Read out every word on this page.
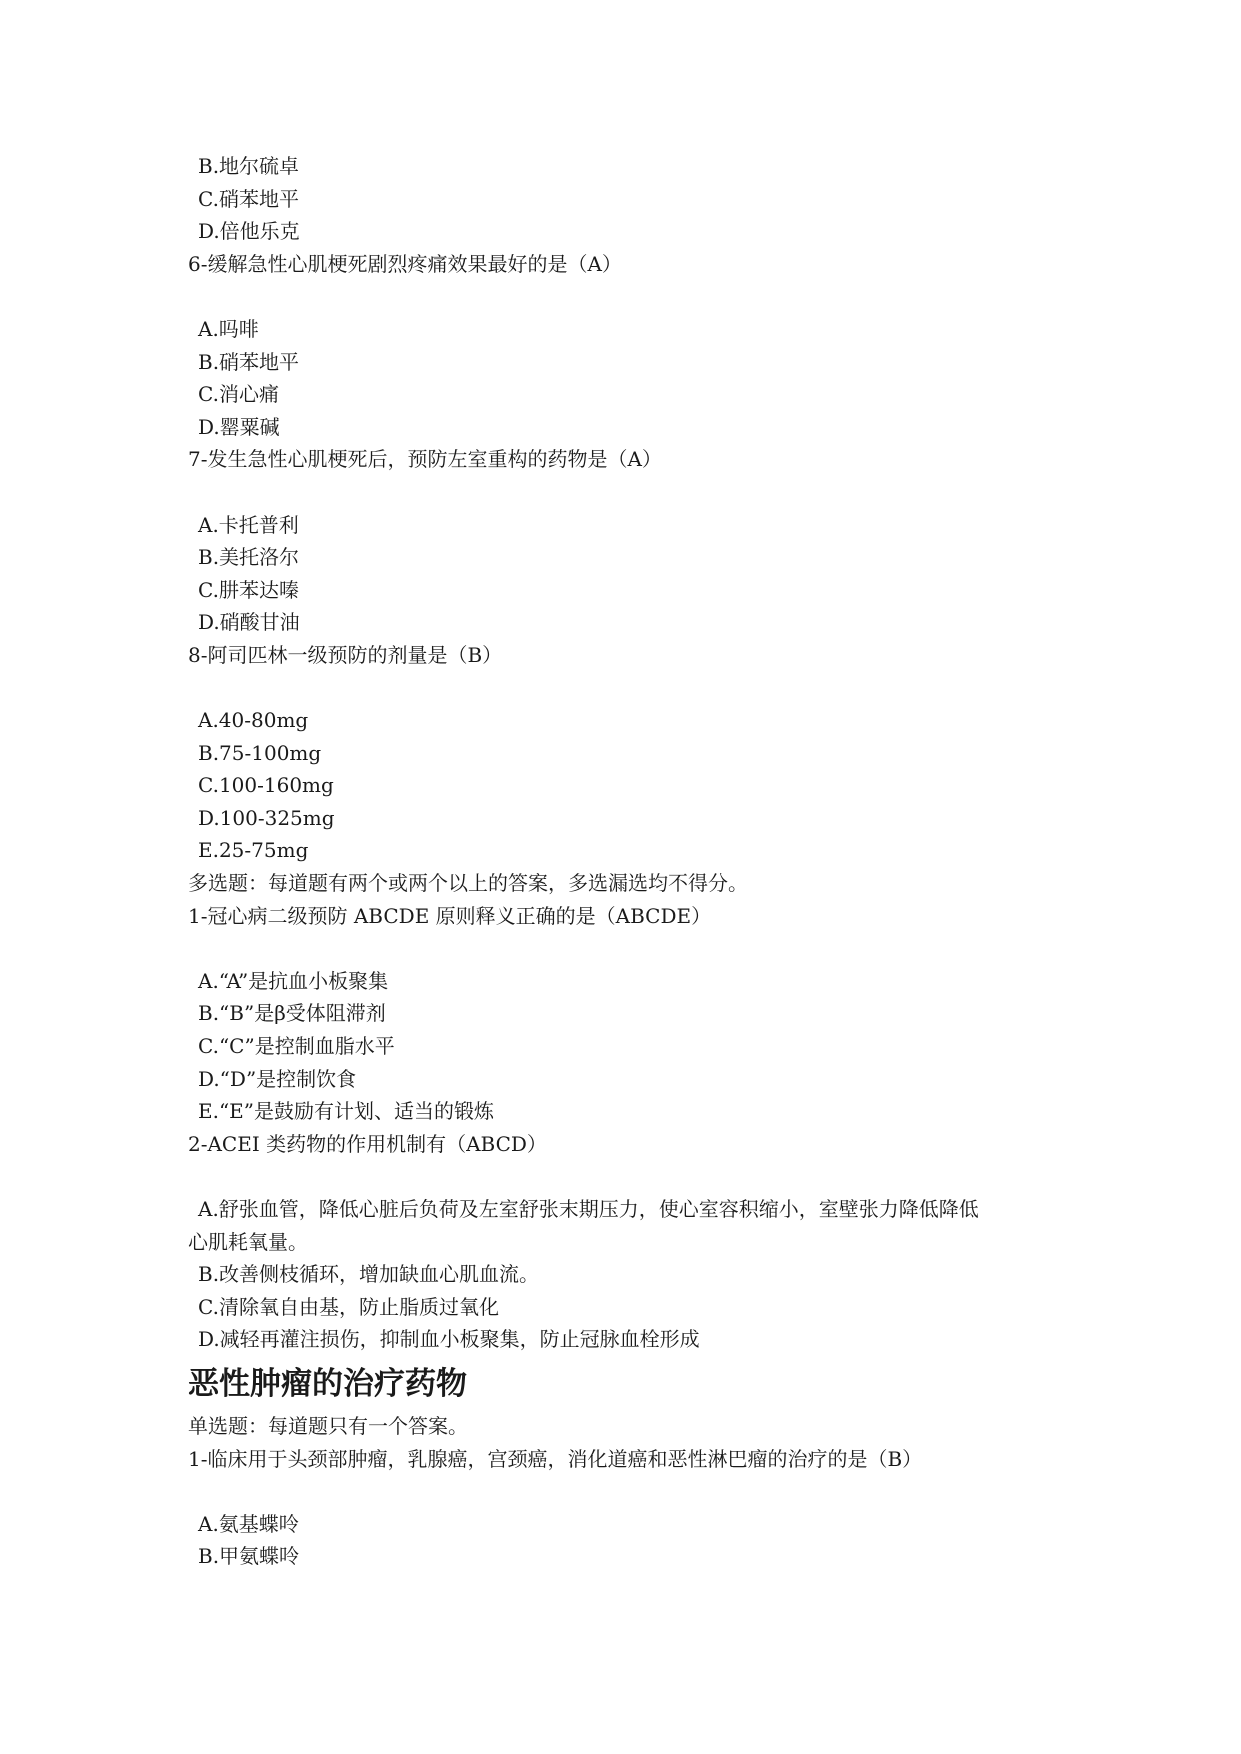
B.地尔硫卓
C.硝苯地平
D.倍他乐克
6-缓解急性心肌梗死剧烈疼痛效果最好的是（A）
A.吗啡
B.硝苯地平
C.消心痛
D.罂粟碱
7-发生急性心肌梗死后，预防左室重构的药物是（A）
A.卡托普利
B.美托洛尔
C.肼苯达嗪
D.硝酸甘油
8-阿司匹林一级预防的剂量是（B）
A.40-80mg
B.75-100mg
C.100-160mg
D.100-325mg
E.25-75mg
多选题：每道题有两个或两个以上的答案，多选漏选均不得分。
1-冠心病二级预防 ABCDE 原则释义正确的是（ABCDE）
A.“A”是抗血小板聚集
B.“B”是β受体阻滞剂
C.“C”是控制血脂水平
D.“D”是控制饮食
E.“E”是鼓励有计划、适当的锻炼
2-ACEI 类药物的作用机制有（ABCD）
A.舒张血管，降低心脏后负荷及左室舒张末期压力，使心室容积缩小，室壁张力降低降低
心肌耗氧量。
B.改善侧枝循环，增加缺血心肌血流。
C.清除氧自由基，防止脂质过氧化
D.减轻再灌注损伤，抑制血小板聚集，防止冠脉血栓形成
恶性肿瘤的治疗药物
单选题：每道题只有一个答案。
1-临床用于头颈部肿瘤，乳腺癌，宫颈癌，消化道癌和恶性淋巴瘤的治疗的是（B）
A.氨基蝶呤
B.甲氨蝶呤
